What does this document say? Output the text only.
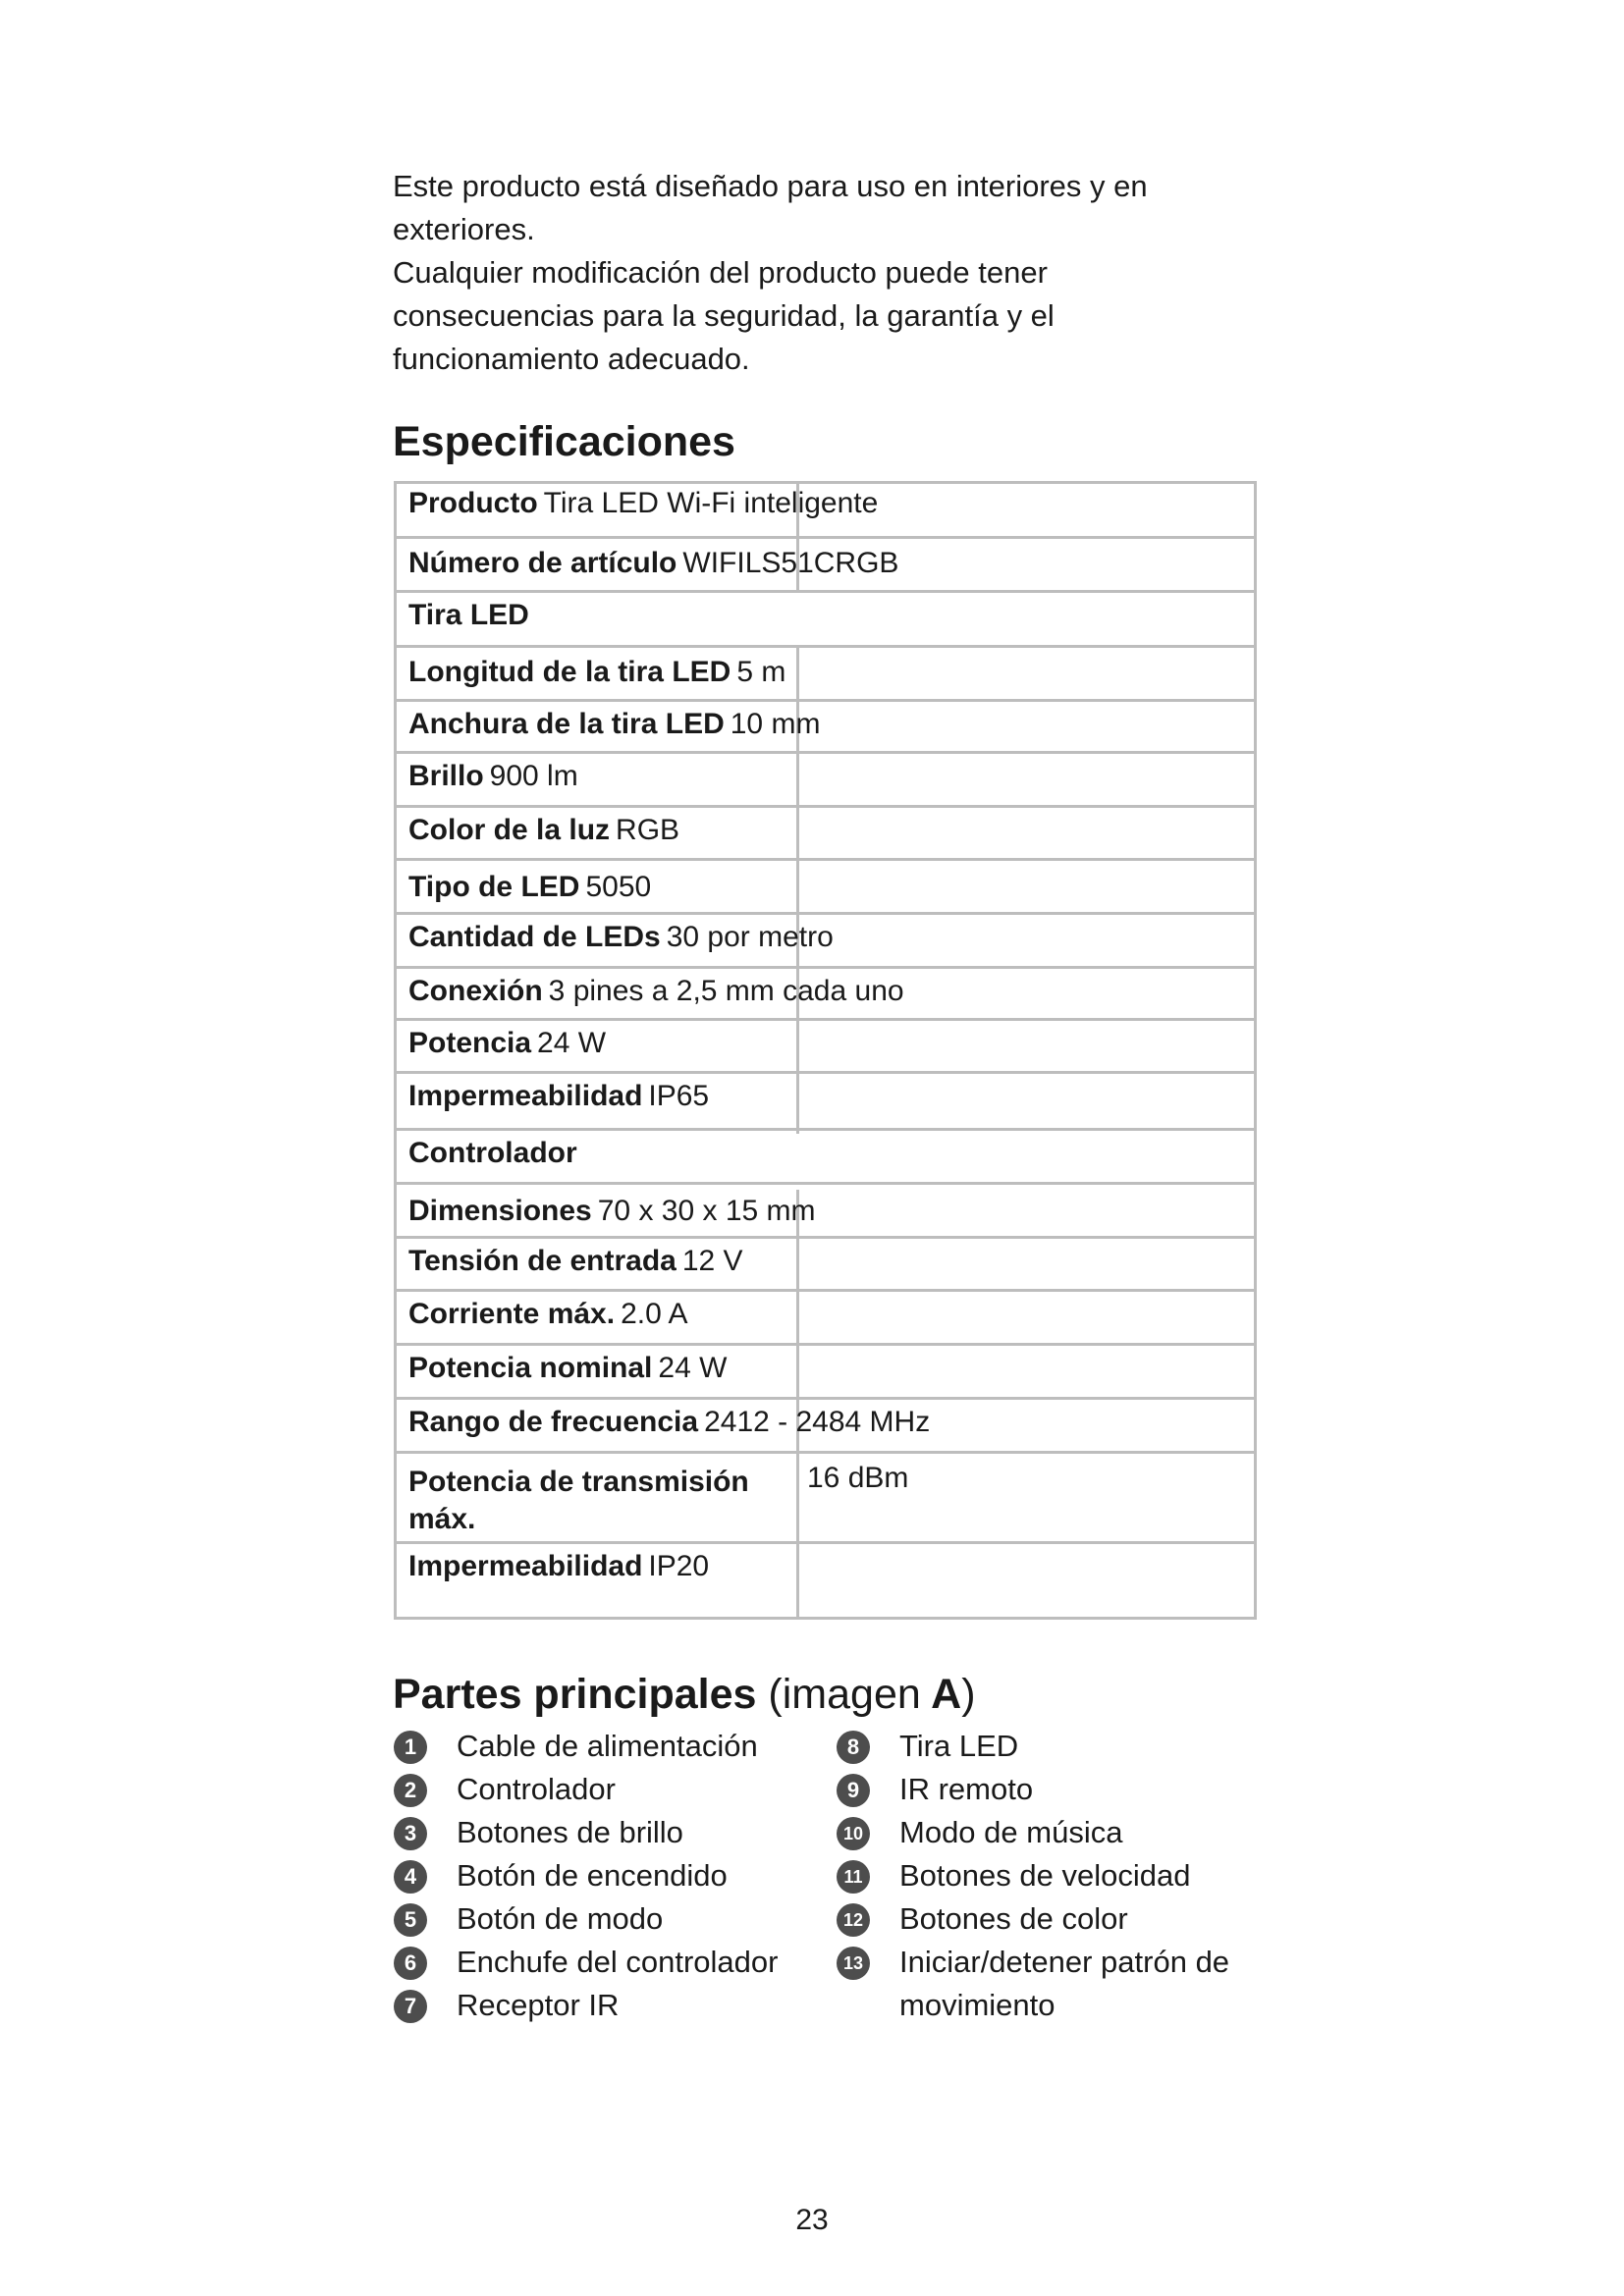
Este producto está diseñado para uso en interiores y en exteriores.

Cualquier modificación del producto puede tener consecuencias para la seguridad, la garantía y el funcionamiento adecuado.

Especificaciones
Producto Tira LED Wi-Fi inteligente
Número de artículo WIFILS51CRGB
Tira LED
Longitud de la tira LED 5 m
Anchura de la tira LED 10 mm
Brillo 900 lm
Color de la luz RGB
Tipo de LED 5050
Cantidad de LEDs 30 por metro
Conexión 3 pines a 2,5 mm cada uno
Potencia 24 W
Impermeabilidad IP65
Controlador
Dimensiones 70 x 30 x 15 mm
Tensión de entrada 12 V
Corriente máx. 2.0 A
Potencia nominal 24 W
Rango de frecuencia 2412 - 2484 MHz
Potencia de transmisión máx.
16 dBm
Impermeabilidad IP20
Partes principales (imagen A)
1	Cable de alimentación
2	Controlador
3	Botones de brillo
4	Botón de encendido
5	Botón de modo
6	Enchufe del controlador
7	Receptor IR
8	Tira LED
9	IR remoto
10 Modo de música
11 Botones de velocidad
12 Botones de color
13 Iniciar/detener patrón de movimiento
23
